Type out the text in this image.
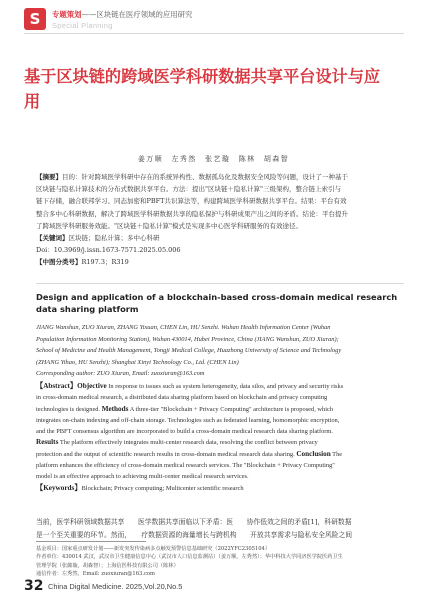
S	专题策划——区块链在医疗领域的应用研究
Special Planning
基于区块链的跨域医学科研数据共享平台设计与应用
姜万顺　左秀然　张艺璇　陈林　胡森智
【摘要】目的：针对跨域医学科研中存在的系统异构性、数据孤岛化及数据安全风险等问题，设计了一种基于
区块链与隐私计算技术的分布式数据共享平台。方法：提出"区块链＋隐私计算"三级架构，整合链上索引与
链下存储，融合联邦学习、同态加密和PBFT共识算法等，构建跨域医学科研数据共享平台。结果：平台有效
整合多中心科研数据，解决了跨域医学科研数据共享的隐私保护与科研成果产出之间的矛盾。结论：平台提升
了跨域医学科研服务效能。"区块链＋隐私计算"模式是实现多中心医学科研服务的有效途径。
【关键词】区块链；隐私计算；多中心科研
Doi：10.3969/j.issn.1673-7571.2025.05.006
【中图分类号】R197.3；R319
Design and application of a blockchain-based cross-domain medical research data sharing platform
JIANG Wanshun, ZUO Xiuran, ZHANG Yixuan, CHEN Lin, HU Senzhi. Wuhan Health Information Center (Wuhan
Population Information Monitoring Station), Wuhan 430014, Hubei Province, China (JIANG Wanshun, ZUO Xiuran);
School of Medicine and Health Management, Tongji Medical College, Huazhong University of Science and Technology
(ZHANG Yihao, HU Senzhi); Shanghai Xinyi Technology Co., Ltd. (CHEN Lin)
Corresponding author: ZUO Xiuran, Email: zuoxiuran@163.com
【Abstract】Objective In response to issues such as system heterogeneity, data silos, and privacy and security risks
in cross-domain medical research, a distributed data sharing platform based on blockchain and privacy computing
technologies is designed. Methods A three-tier "Blockchain + Privacy Computing" architecture is proposed, which
integrates on-chain indexing and off-chain storage. Technologies such as federated learning, homomorphic encryption,
and the PBFT consensus algorithm are incorporated to build a cross-domain medical research data sharing platform.
Results The platform effectively integrates multi-center research data, resolving the conflict between privacy
protection and the output of scientific research results in cross-domain medical research data sharing. Conclusion The
platform enhances the efficiency of cross-domain medical research services. The "Blockchain + Privacy Computing"
model is an effective approach to achieving multi-center medical research services.
【Keywords】Blockchain; Privacy computing; Multicenter scientific research
当前，医学科研领域数据共享　　医学数据共享面临以下矛盾：医　　协作低效之间的矛盾[1]，科研数据
是一个至关重要的环节。然而，　　疗数据资源的海量增长与跨机构　　开放共享需求与隐私安全风险之间
基金项目：国家重点研发计划——新发突发传染病多点触发预警信息基础研究（2022YFC2305104）
作者单位：430014 武汉，武汉市卫生健康信息中心（武汉市人口信息监测站）（姜万顺，左秀然）；华中科技大学同济医学院医药卫生
管理学院（张懿璇，胡森智）；上海信医科技有限公司（陈林）
通信作者：左秀然，Email: zuoxiuran@163.com
32 China Digital Medicine. 2025,Vol.20,No.5
